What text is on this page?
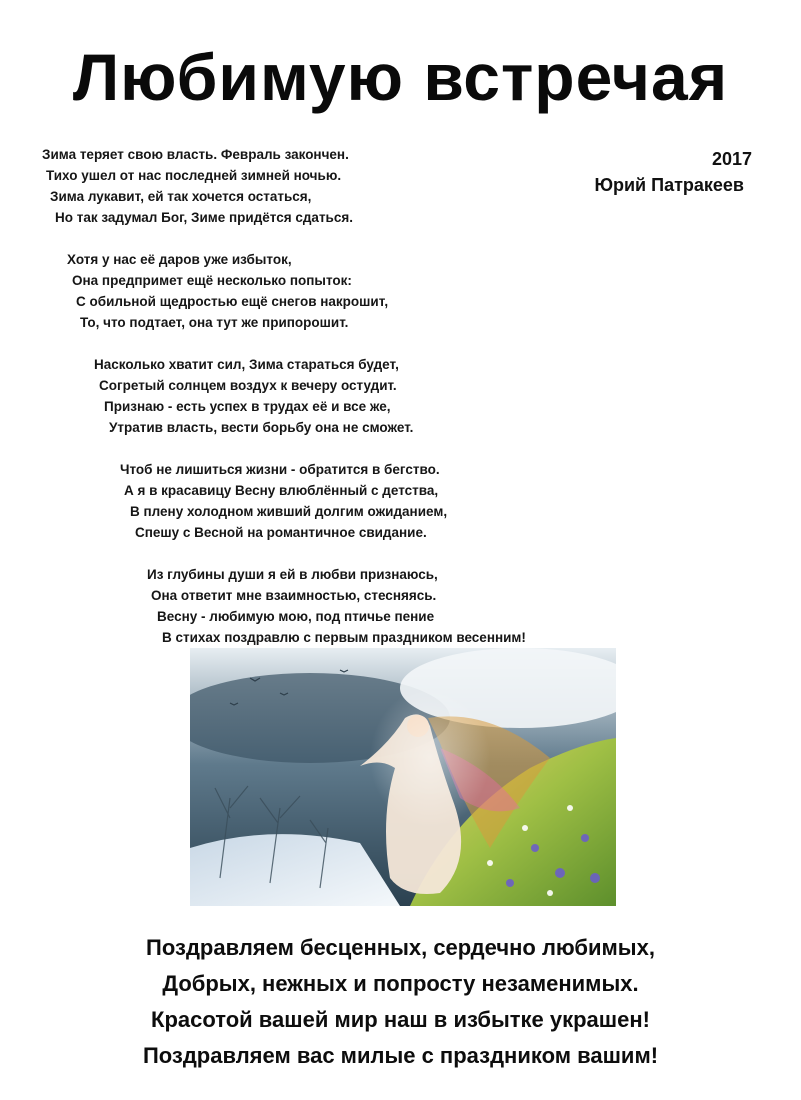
Любимую встречая
2017
Юрий Патракеев
Зима теряет свою власть. Февраль закончен.
Тихо ушел от нас последней зимней ночью.
Зима лукавит, ей так хочется остаться,
Но так задумал Бог, Зиме придётся сдаться.
Хотя у нас её даров уже избыток,
Она предпримет ещё несколько попыток:
С обильной щедростью ещё снегов накрошит,
То, что подтает, она тут же припорошит.
Насколько хватит сил, Зима стараться будет,
Согретый солнцем воздух к вечеру остудит.
Признаю - есть успех в трудах её и все же,
Утратив власть, вести борьбу она не сможет.
Чтоб не лишиться жизни - обратится в бегство.
А я в красавицу Весну влюблённый с детства,
В плену холодном живший долгим ожиданием,
Спешу с Весной на романтичное свидание.
Из глубины души я ей в любви признаюсь,
Она ответит мне взаимностью, стесняясь.
Весну - любимую мою, под птичье пение
В стихах поздравлю с первым праздником весенним!
Поздравляем бесценных, сердечно любимых,
Добрых, нежных и попросту незаменимых.
Красотой вашей мир наш в избытке украшен!
Поздравляем вас милые с праздником вашим!
